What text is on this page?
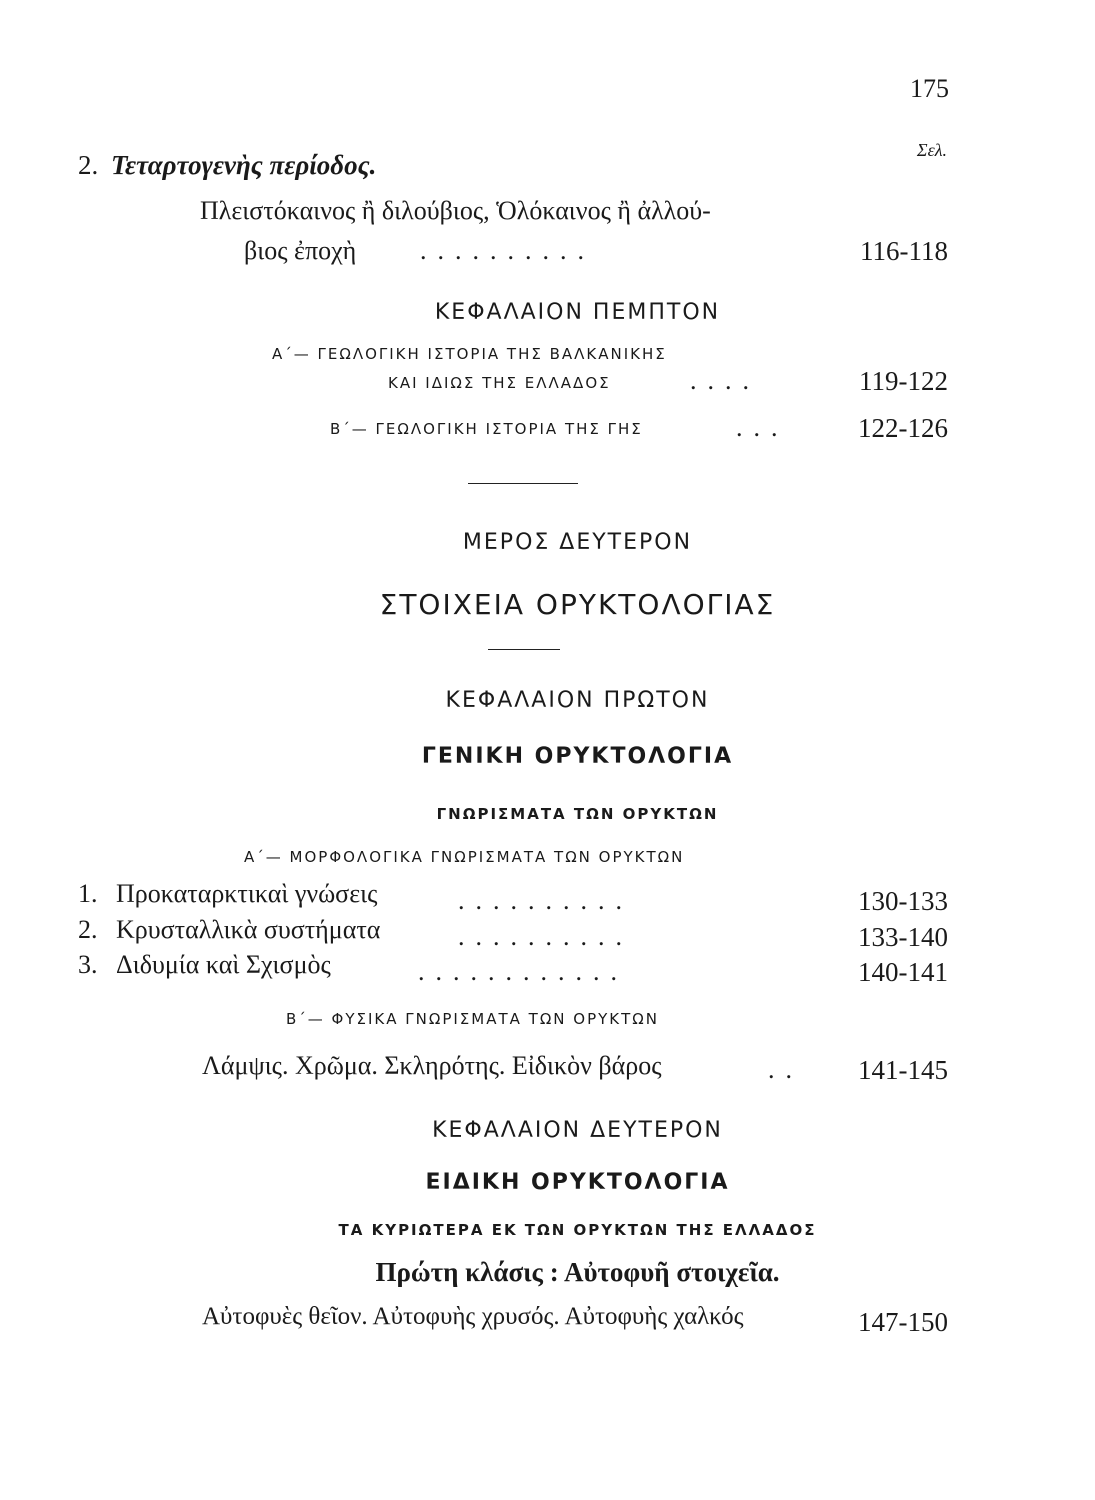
175
Σελ.
2. Τεταρτογενὴς περίοδος.
Πλειστόκαινος ἢ διλούβιος, Ὁλόκαινος ἢ ἀλλού-
βιος ἐποχὴ ..........	116-118
ΚΕΦΑΛΑΙΟΝ ΠΕΜΠΤΟΝ
Α΄— ΓΕΩΛΟΓΙΚΗ ΙΣΤΟΡΙΑ ΤΗΣ ΒΑΛΚΑΝΙΚΗΣ
ΚΑΙ ΙΔΙΩΣ ΤΗΣ ΕΛΛΑΔΟΣ	....	119-122
Β΄— ΓΕΩΛΟΓΙΚΗ ΙΣΤΟΡΙΑ ΤΗΣ ΓΗΣ	...	122-126
ΜΕΡΟΣ ΔΕΥΤΕΡΟΝ
ΣΤΟΙΧΕΙΑ ΟΡΥΚΤΟΛΟΓΙΑΣ
ΚΕΦΑΛΑΙΟΝ ΠΡΩΤΟΝ
ΓΕΝΙΚΗ ΟΡΥΚΤΟΛΟΓΙΑ
ΓΝΩΡΙΣΜΑΤΑ ΤΩΝ ΟΡΥΚΤΩΝ
Α΄— ΜΟΡΦΟΛΟΓΙΚΑ ΓΝΩΡΙΣΜΑΤΑ ΤΩΝ ΟΡΥΚΤΩΝ
1. Προκαταρκτικαὶ γνώσεις	..........	130-133
2. Κρυσταλλικὰ συστήματα	..........	133-140
3. Διδυμία καὶ Σχισμὸς	............	140-141
Β΄— ΦΥΣΙΚΑ ΓΝΩΡΙΣΜΑΤΑ ΤΩΝ ΟΡΥΚΤΩΝ
Λάμψις. Χρῶμα. Σκληρότης. Εἰδικὸν βάρος	.. 141-145
ΚΕΦΑΛΑΙΟΝ ΔΕΥΤΕΡΟΝ
ΕΙΔΙΚΗ ΟΡΥΚΤΟΛΟΓΙΑ
ΤΑ ΚΥΡΙΩΤΕΡΑ ΕΚ ΤΩΝ ΟΡΥΚΤΩΝ ΤΗΣ ΕΛΛΑΔΟΣ
Πρώτη κλάσις : Αὐτοφυῆ στοιχεῖα.
Αὐτοφυὲς θεῖον. Αὐτοφυὴς χρυσός. Αὐτοφυὴς χαλκός	147-150
